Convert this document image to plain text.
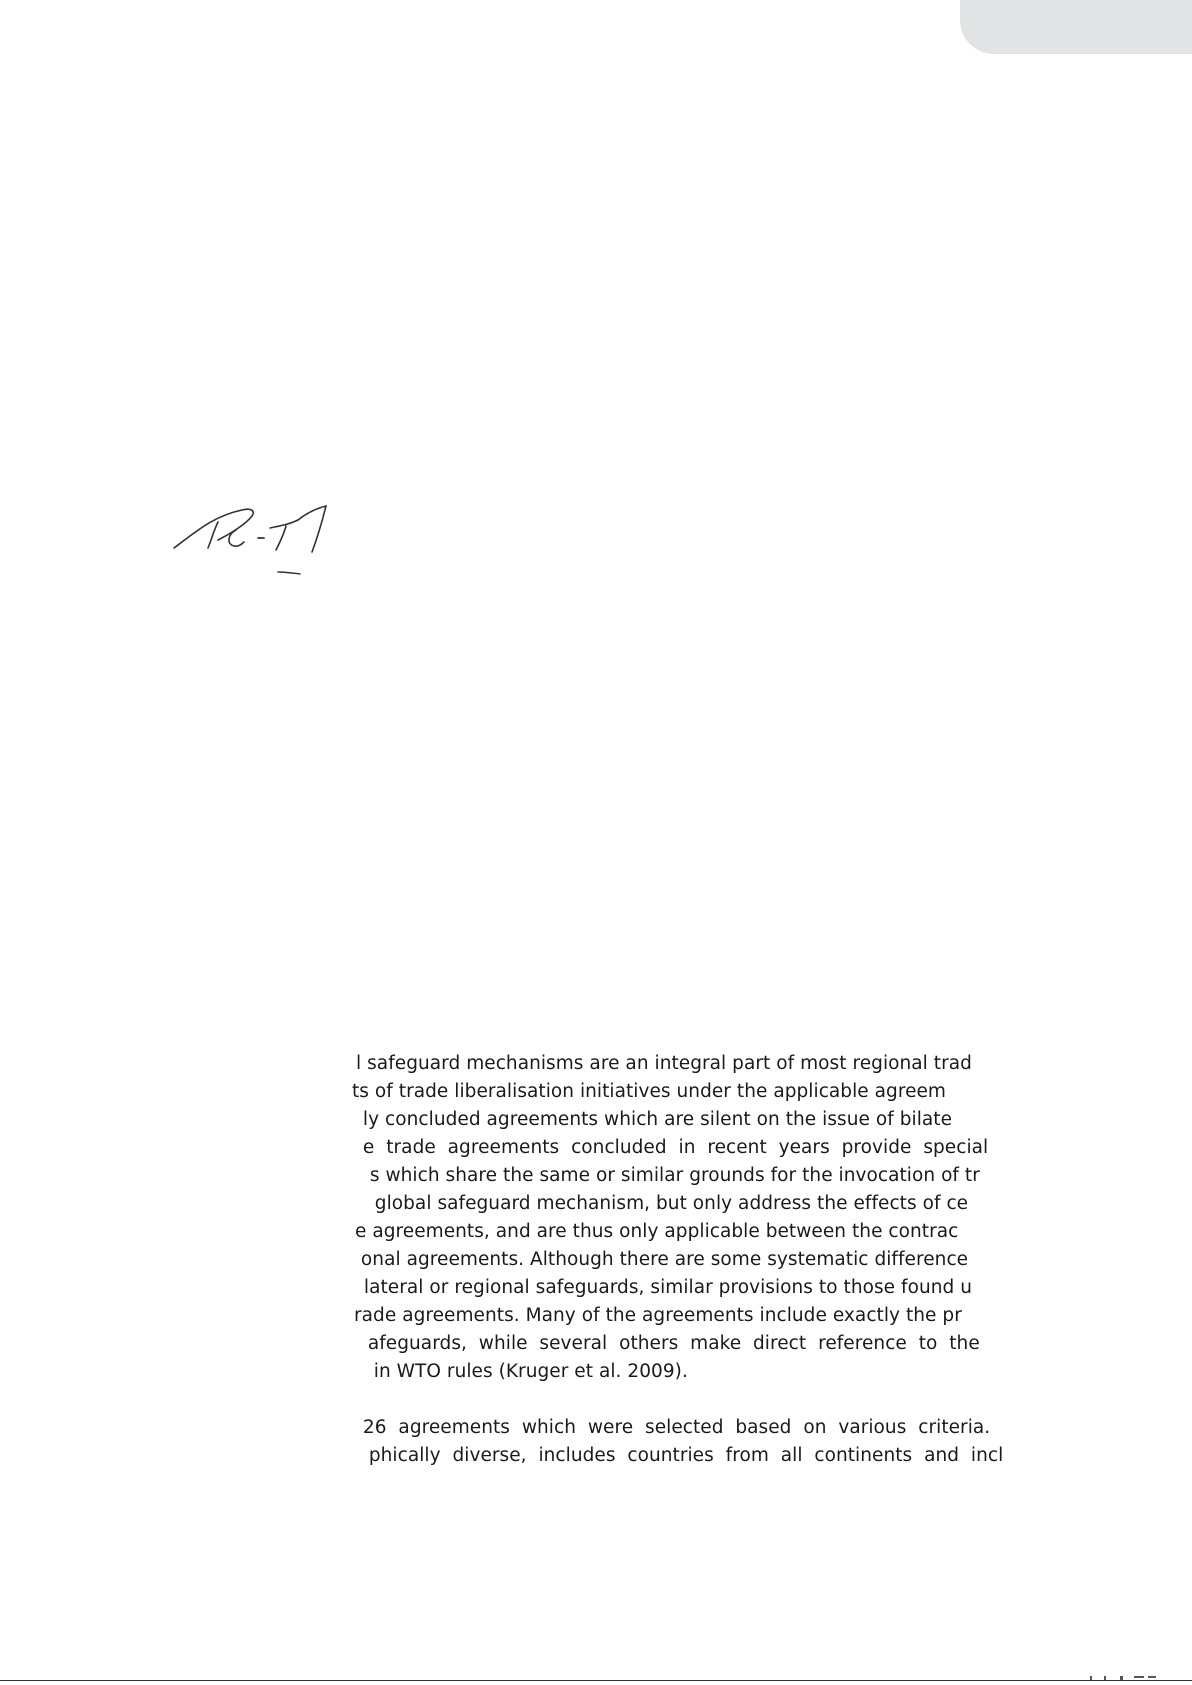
l safeguard mechanisms are an integral part of most regional trad
ts of trade liberalisation initiatives under the applicable agreem
ly concluded agreements which are silent on the issue of bilate
e  trade  agreements  concluded  in  recent  years  provide  special
s which share the same or similar grounds for the invocation of tr
global safeguard mechanism, but only address the effects of ce
e agreements, and are thus only applicable between the contrac
onal agreements. Although there are some systematic difference
lateral or regional safeguards, similar provisions to those found u
rade agreements. Many of the agreements include exactly the pr
afeguards,  while  several  others  make  direct  reference  to  the
in WTO rules (Kruger et al. 2009).
26  agreements  which  were  selected  based  on  various  criteria.
phically  diverse,  includes  countries  from  all  continents  and  incl
